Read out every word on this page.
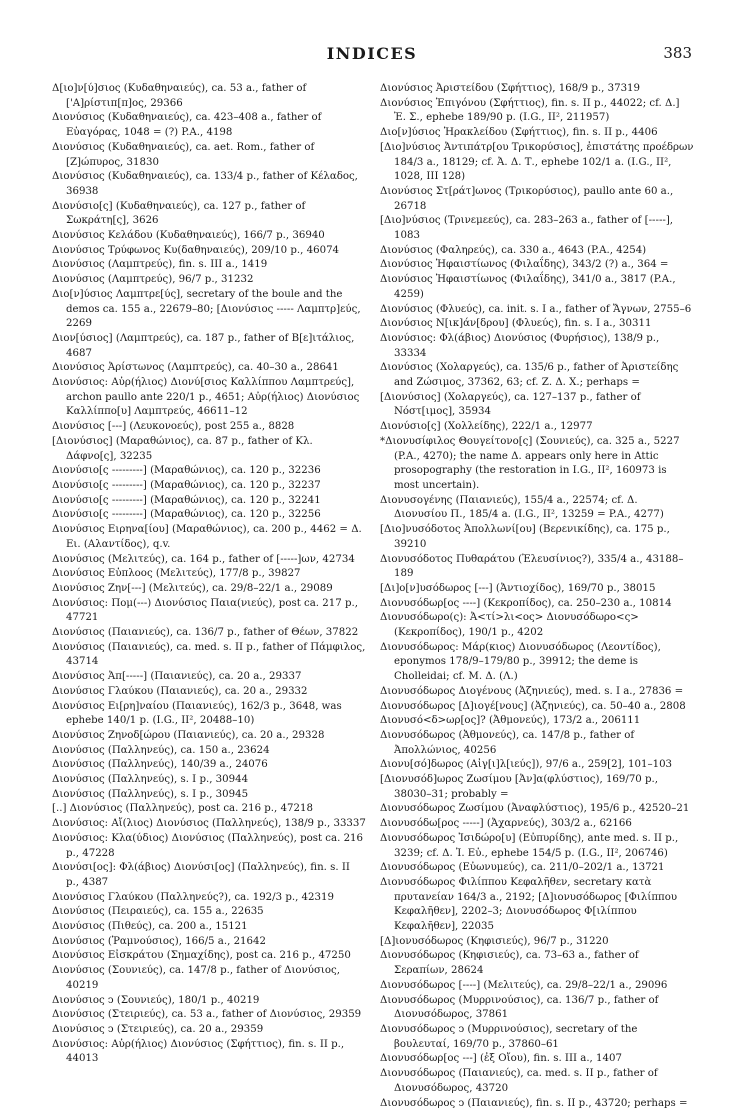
INDICES	383

Δ[ιο]ν[ύ]σιος (Κυδαθηναιεύς), ca. 53 a., father of ['Α]ρίστιπ[π]ος, 29366

Διονύσιος (Κυδαθηναιεύς), ca. 423–408 a., father of Εὐαγόρας, 1048 = (?) P.A., 4198

Διονύσιος (Κυδαθηναιεύς), ca. aet. Rom., father of [Ζ]ώπυρος, 31830

Διονύσιος (Κυδαθηναιεύς), ca. 133/4 p., father of Κέλαδος, 36938

Διονύσιο[ς] (Κυδαθηναιεύς), ca. 127 p., father of Σωκράτη[ς], 3626

Διονύσιος Κελάδου (Κυδαθηναιεύς), 166/7 p., 36940

Διονύσιος Τρύφωνος Κυ(δαθηναιεύς), 209/10 p., 46074

Διονύσιος (Λαμπτρεύς), fin. s. III a., 1419

Διονύσιος (Λαμπτρεύς), 96/7 p., 31232

Διο[ν]ύσιος Λαμπτρε[ύς], secretary of the boule and the demos ca. 155 a., 22679–80; [Διονύσιος ----- Λαμπτρ]εύς, 2269

Διον[ύσιος] (Λαμπτρεύς), ca. 187 p., father of Β[ε]ιτάλιος, 4687

Διονύσιος Ἀρίστωνος (Λαμπτρεύς), ca. 40–30 a., 28641

Διονύσιος: Αὐρ(ήλιος) Διονύ[σιος Καλλίππου Λαμπτρεύς], archon paullo ante 220/1 p., 4651; Αὐρ(ήλιος) Διονύσιος Καλλίππο[υ] Λαμπτρεύς, 46611–12

Διονύσιος [---] (Λευκονοεύς), post 255 a., 8828

[Διονύσιος] (Μαραθώνιος), ca. 87 p., father of Κλ. Δάφνο[ς], 32235

Διονύσιο[ς ---------] (Μαραθώνιος), ca. 120 p., 32236

Διονύσιο[ς ---------] (Μαραθώνιος), ca. 120 p., 32237

Διονύσιο[ς ---------] (Μαραθώνιος), ca. 120 p., 32241

Διονύσιο[ς ---------] (Μαραθώνιος), ca. 120 p., 32256

Διονύσιος Ειρηνα[ίου] (Μαραθώνιος), ca. 200 p., 4462 = Δ. Ει. (Αλαντίδος), q.v.

Διονύσιος (Μελιτεύς), ca. 164 p., father of [-----]ων, 42734

Διονύσιος Εὐπλοος (Μελιτεύς), 177/8 p., 39827

Διονύσιος Ζην[---] (Μελιτεύς), ca. 29/8–22/1 a., 29089

Διονύσιος: Πομ(---) Διονύσιος Παια(νιεύς), post ca. 217 p., 47721

Διονύσιος (Παιανιεύς), ca. 136/7 p., father of Θέων, 37822

Διονύσιος (Παιανιεύς), ca. med. s. II p., father of Πάμφιλος, 43714

Διονύσιος Ἀπ[-----] (Παιανιεύς), ca. 20 a., 29337

Διονύσιος Γλαύκου (Παιανιεύς), ca. 20 a., 29332

Διονύσιος Ει[ρη]ναίου (Παιανιεύς), 162/3 p., 3648, was ephebe 140/1 p. (I.G., II², 20488–10)

Διονύσιος Ζηνοδ[ώρου (Παιανιεύς), ca. 20 a., 29328

Διονύσιος (Παλληνεύς), ca. 150 a., 23624

Διονύσιος (Παλληνεύς), 140/39 a., 24076

Διονύσιος (Παλληνεύς), s. I p., 30944

Διονύσιος (Παλληνεύς), s. I p., 30945

[..] Διονύσιος (Παλληνεύς), post ca. 216 p., 47218

Διονύσιος: Αἴ(λιος) Διονύσιος (Παλληνεύς), 138/9 p., 33337

Διονύσιος: Κλα(ύδιος) Διονύσιος (Παλληνεύς), post ca. 216 p., 47228

Διονύσι[ος]: Φλ(άβιος) Διονύσι[ος] (Παλληνεύς), fin. s. II p., 4387

Διονύσιος Γλαύκου (Παλληνεύς?), ca. 192/3 p., 42319

Διονύσιος (Πειραιεύς), ca. 155 a., 22635

Διονύσιος (Πιθεύς), ca. 200 a., 15121

Διονύσιος (Ῥαμνούσιος), 166/5 a., 21642

Διονύσιος Εἰσκράτου (Σημαχίδης), post ca. 216 p., 47250

Διονύσιος (Σουνιεύς), ca. 147/8 p., father of Διονύσιος, 40219

Διονύσιος ↄ (Σουνιεύς), 180/1 p., 40219

Διονύσιος (Στειριεύς), ca. 53 a., father of Διονύσιος, 29359

Διονύσιος ↄ (Στειριεύς), ca. 20 a., 29359

Διονύσιος: Αὐρ(ήλιος) Διονύσιος (Σφήττιος), fin. s. II p., 44013

Διονύσιος Ἀριστείδου (Σφήττιος), 168/9 p., 37319

Διονύσιος Ἐπιγόνου (Σφήττιος), fin. s. II p., 44022; cf. Δ.] Ἐ. Σ., ephebe 189/90 p. (I.G., II², 211957)

Διο[ν]ύσιος Ἡρακλείδου (Σφήττιος), fin. s. II p., 4406

[Διο]νύσιος Ἀντιπάτρ[ου Τρικορύσιος], ἐπιστάτης προέδρων 184/3 a., 18129; cf. Ἀ. Δ. Τ., ephebe 102/1 a. (I.G., II², 1028, III 128)

Διονύσιος Στ[ράτ]ωνος (Τρικορύσιος), paullo ante 60 a., 26718

[Διο]νύσιος (Τρινεμεεύς), ca. 283–263 a., father of [-----], 1083

Διονύσιος (Φαληρεύς), ca. 330 a., 4643 (P.A., 4254)

Διονύσιος Ἡφαιστίωνος (Φιλαΐδης), 343/2 (?) a., 364 =

Διονύσιος Ἡφαιστίωνος (Φιλαΐδης), 341/0 a., 3817 (P.A., 4259)

Διονύσιος (Φλυεύς), ca. init. s. I a., father of Ἄγνων, 2755–6

Διονύσιος Ν[ικ]άν[δρου] (Φλυεύς), fin. s. I a., 30311

Διονύσιος: Φλ(άβιος) Διονύσιος (Φυρήσιος), 138/9 p., 33334

Διονύσιος (Χολαργεύς), ca. 135/6 p., father of Ἀριστείδης and Ζώσιμος, 37362, 63; cf. Ζ. Δ. Χ.; perhaps =

[Διονύσιος] (Χολαργεύς), ca. 127–137 p., father of Νόστ[ιμος], 35934

Διονύσιο[ς] (Χολλείδης), 222/1 a., 12977

*Διονυσίφιλος Θουγείτονο[ς] (Σουνιεύς), ca. 325 a., 5227 (P.A., 4270); the name Δ. appears only here in Attic prosopography (the restoration in I.G., II², 160973 is most uncertain).

Διονυσογένης (Παιανιεύς), 155/4 a., 22574; cf. Δ. Διονυσίου Π., 185/4 a. (I.G., II², 13259 = P.A., 4277)

[Διο]νυσόδοτος Ἀπολλωνί[ου] (Βερενικίδης), ca. 175 p., 39210

Διονυσόδοτος Πυθαράτου (Ἐλευσίνιος?), 335/4 a., 43188–189

[Δι]ο[ν]υσόδωρος [---] (Ἀντιοχίδος), 169/70 p., 38015

Διονυσόδωρ[ος ----] (Κεκροπίδος), ca. 250–230 a., 10814

Διονυσόδωρο(ς): Ἀ<τί>λι<ος> Διονυσόδωρο<ς> (Κεκροπίδος), 190/1 p., 4202

Διονυσόδωρος: Μάρ(κιος) Διονυσόδωρος (Λεοντίδος), eponymos 178/9–179/80 p., 39912; the deme is Cholleidai; cf. Μ. Δ. (Λ.)

Διονυσόδωρος Διογένους (Ἀζηνιεύς), med. s. I a., 27836 =

Διονυσόδωρος [Δ]ιογέ[νους] (Ἀζηνιεύς), ca. 50–40 a., 2808

Διονυσό<δ>ωρ[ος]? (Ἀθμονεύς), 173/2 a., 206111

Διονυσόδωρος (Ἀθμονεύς), ca. 147/8 p., father of Ἀπολλώνιος, 40256

Διονυ[σό]δωρος (Αἰγ[ι]λ[ιεύς]), 97/6 a., 259[2], 101–103

[Διονυσόδ]ωρος Ζωσίμου [Ἀν]α(φλύστιος), 169/70 p., 38030–31; probably =

Διονυσόδωρος Ζωσίμου (Ἀναφλύστιος), 195/6 p., 42520–21

Διονυσόδω[ρος -----] (Ἀχαρνεύς), 303/2 a., 62166

Διονυσόδωρος Ἰσιδώρο[υ] (Εὐπυρίδης), ante med. s. II p., 3239; cf. Δ. Ἰ. Εὐ., ephebe 154/5 p. (I.G., II², 206746)

Διονυσόδωρος (Εὐωνυμεύς), ca. 211/0–202/1 a., 13721

Διονυσόδωρος Φιλίππου Κεφαλῆθεν, secretary κατὰ πρυτανείαν 164/3 a., 2192; [Δ]ιονυσόδωρος [Φιλίππου Κεφαλῆθεν], 2202–3; Διονυσόδωρος Φ[ιλίππου Κεφαλῆθεν], 22035

[Δ]ιονυσόδωρος (Κηφισιεύς), 96/7 p., 31220

Διονυσόδωρος (Κηφισιεύς), ca. 73–63 a., father of Σεραπίων, 28624

Διονυσόδωρος [----] (Μελιτεύς), ca. 29/8–22/1 a., 29096

Διονυσόδωρος (Μυρρινούσιος), ca. 136/7 p., father of Διονυσόδωρος, 37861

Διονυσόδωρος ↄ (Μυρρινούσιος), secretary of the βουλευταί, 169/70 p., 37860–61

Διονυσόδωρ[ος ---] (ἐξ Οἴου), fin. s. III a., 1407

Διονυσόδωρος (Παιανιεύς), ca. med. s. II p., father of Διονυσόδωρος, 43720

Διονυσόδωρος ↄ (Παιανιεύς), fin. s. II p., 43720; perhaps =
